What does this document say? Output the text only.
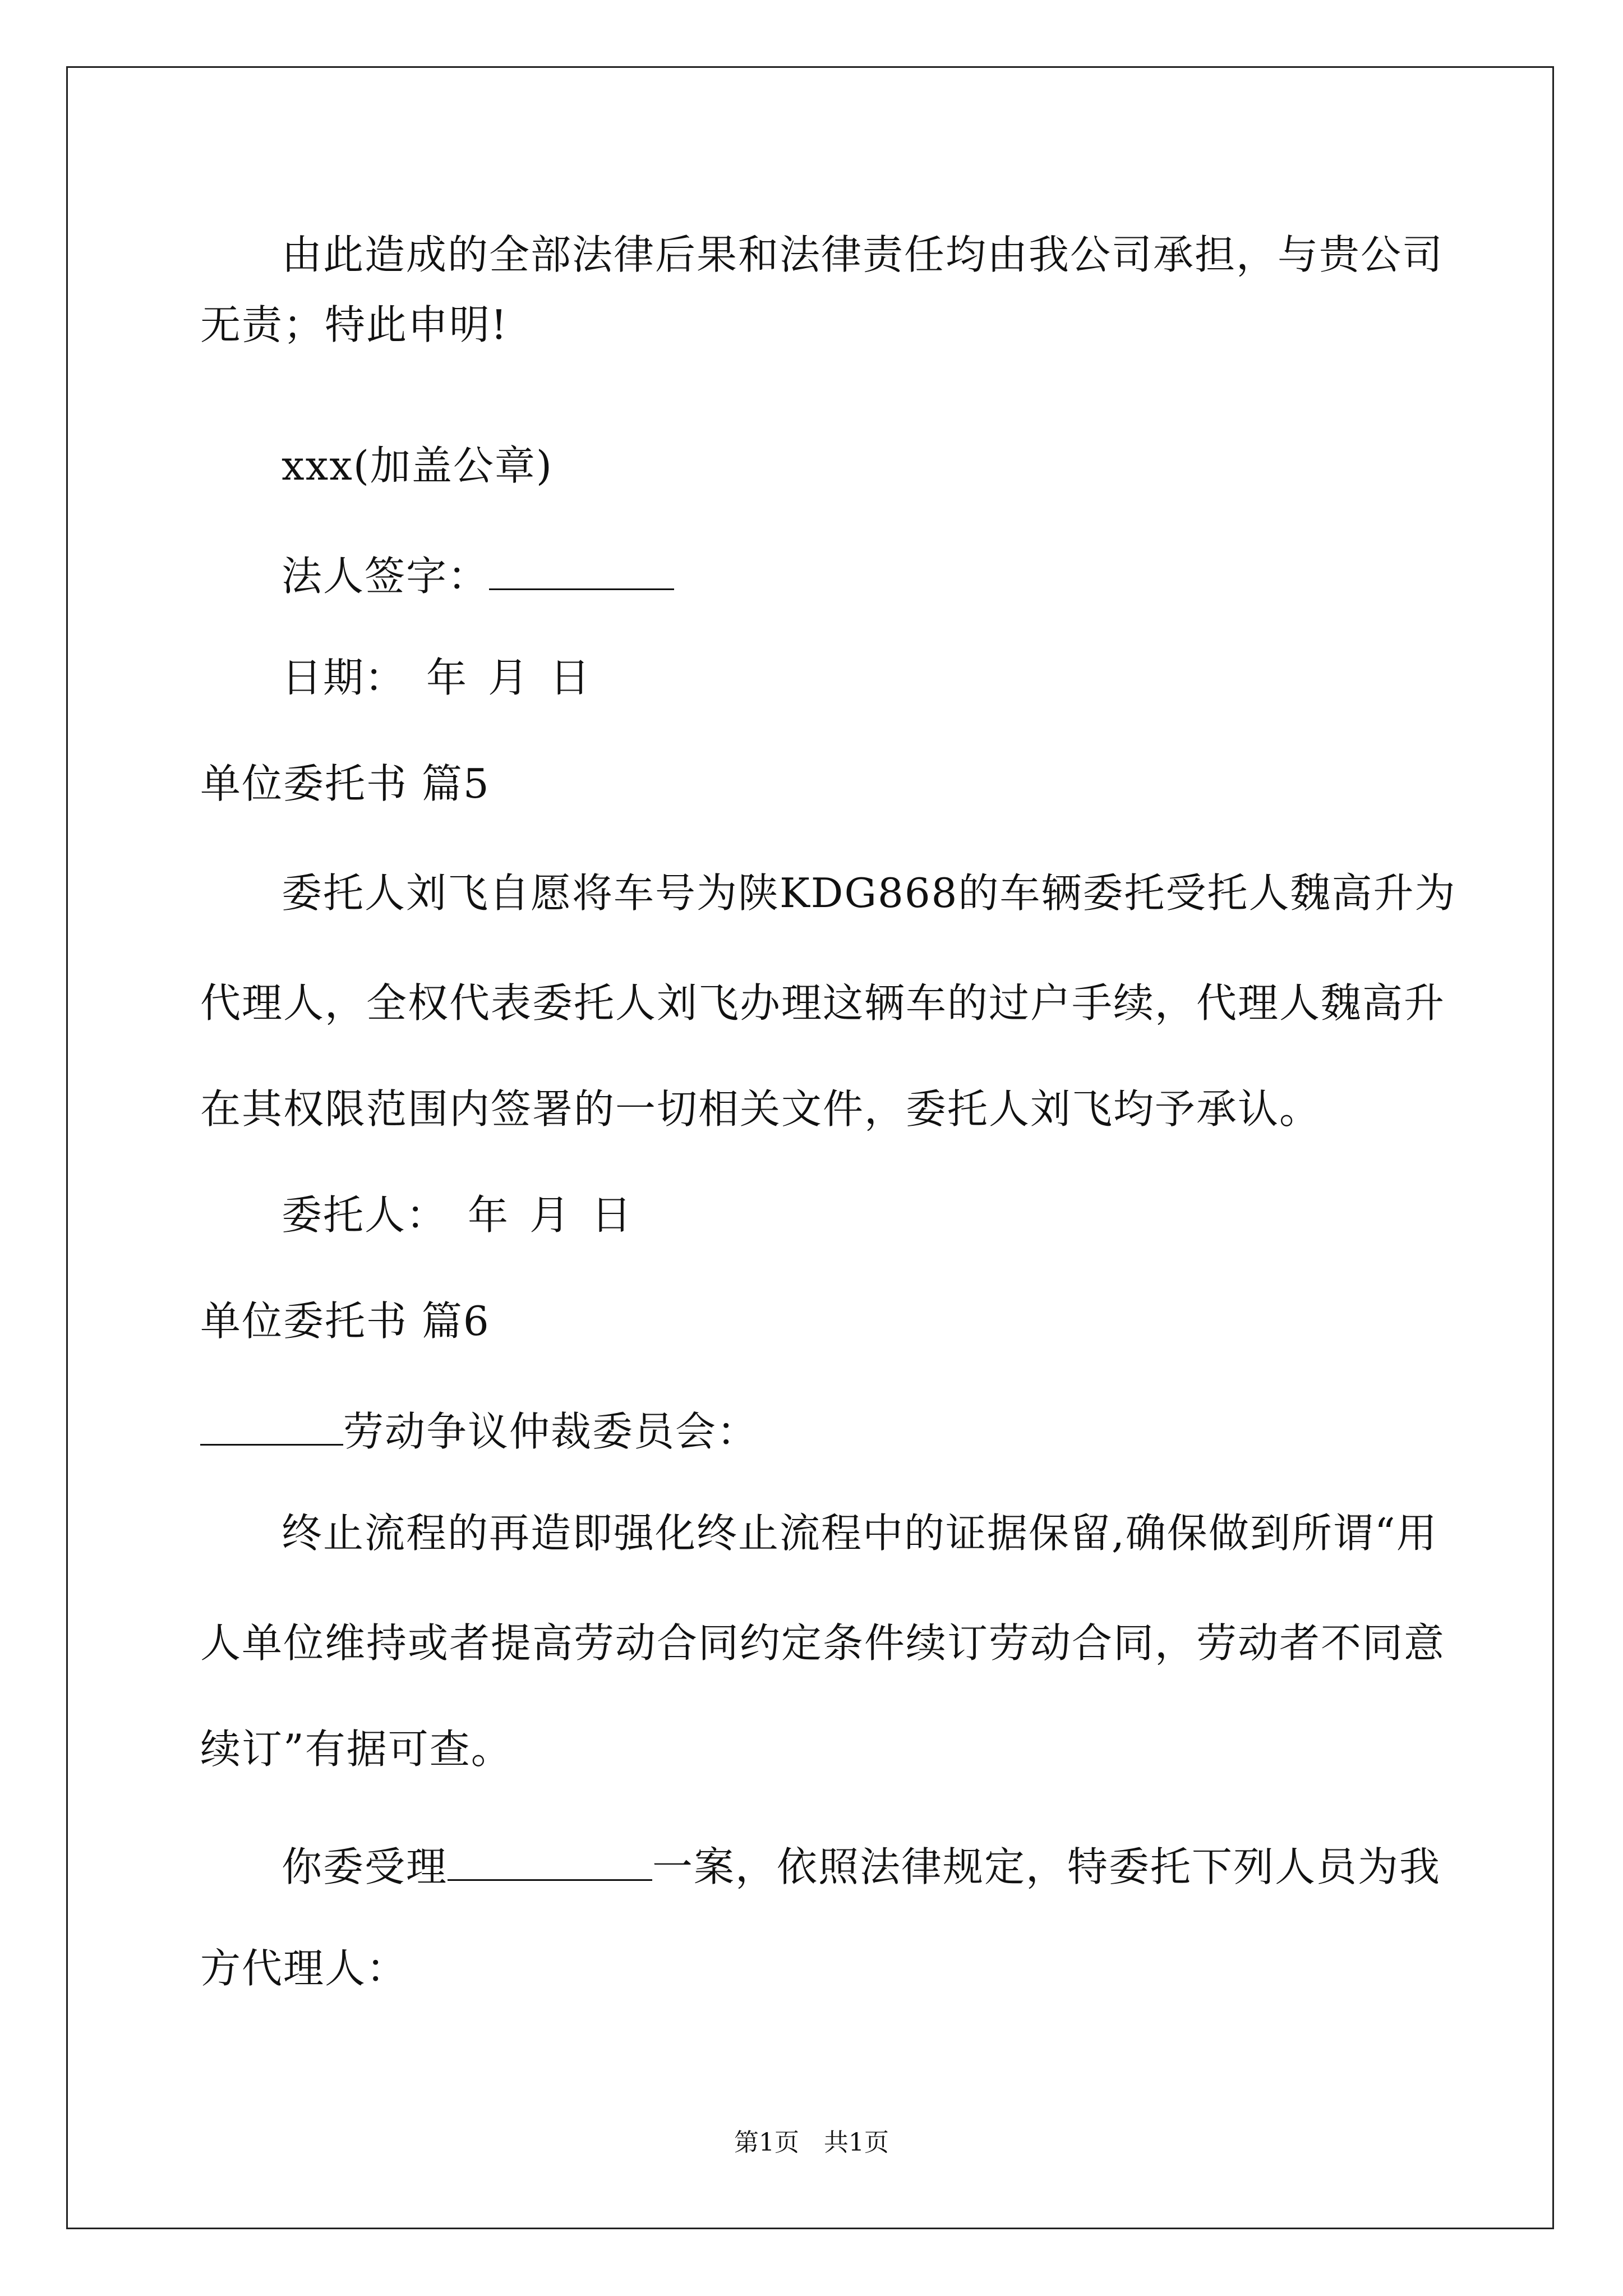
由此造成的全部法律后果和法律责任均由我公司承担，与贵公司
无责；特此申明!
xxx(加盖公章)
法人签字：
日期： 年 月 日
单位委托书 篇5
委托人刘飞自愿将车号为陕KDG868的车辆委托受托人魏高升为
代理人，全权代表委托人刘飞办理这辆车的过户手续，代理人魏高升
在其权限范围内签署的一切相关文件，委托人刘飞均予承认。
委托人： 年 月 日
单位委托书 篇6
劳动争议仲裁委员会：
终止流程的再造即强化终止流程中的证据保留,确保做到所谓“用
人单位维持或者提高劳动合同约定条件续订劳动合同，劳动者不同意
续订”有据可查。
你委受理	一案，依照法律规定，特委托下列人员为我
方代理人：
第1页 共1页
